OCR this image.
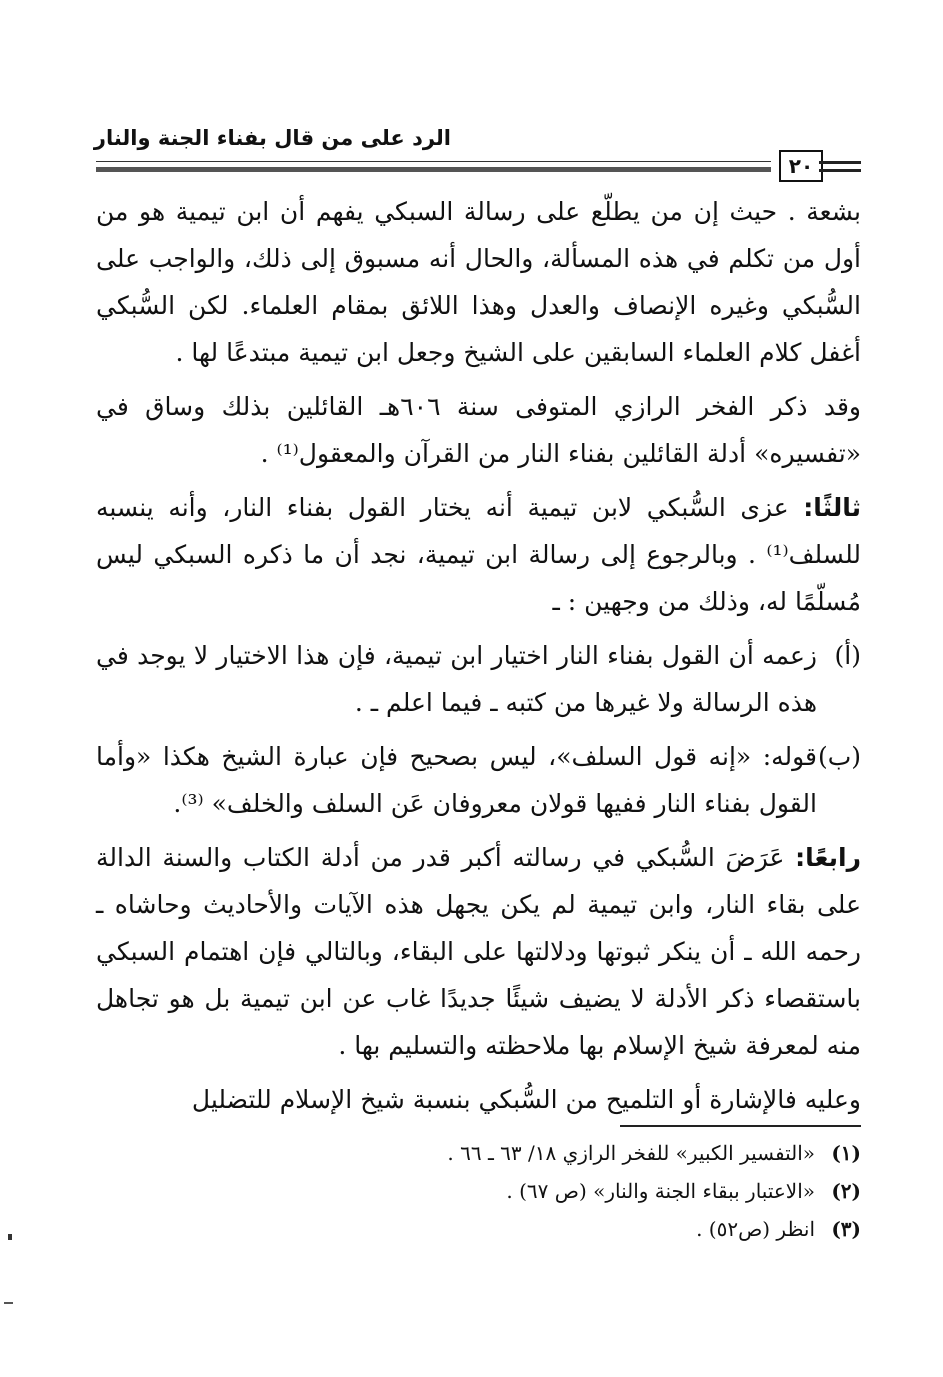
الرد على من قال بفناء الجنة والنار
٢٠

بشعة . حيث إن من يطلّع على رسالة السبكي يفهم أن ابن تيمية هو من أول من تكلم في هذه المسألة، والحال أنه مسبوق إلى ذلك، والواجب على السُّبكي وغيره الإنصاف والعدل وهذا اللائق بمقام العلماء. لكن السُّبكي أغفل كلام العلماء السابقين على الشيخ وجعل ابن تيمية مبتدعًا لها .

وقد ذكر الفخر الرازي المتوفى سنة ٦٠٦هـ القائلين بذلك وساق في «تفسيره» أدلة القائلين بفناء النار من القرآن والمعقول⁽¹⁾ .

ثالثًا: عزى السُّبكي لابن تيمية أنه يختار القول بفناء النار، وأنه ينسبه للسلف⁽¹⁾ . وبالرجوع إلى رسالة ابن تيمية، نجد أن ما ذكره السبكي ليس مُسلّمًا له، وذلك من وجهين : ـ

(أ)
زعمه أن القول بفناء النار اختيار ابن تيمية، فإن هذا الاختيار لا يوجد في هذه الرسالة ولا غيرها من كتبه ـ فيما اعلم ـ .
(ب)
قوله: «إنه قول السلف»، ليس بصحيح فإن عبارة الشيخ هكذا «وأما القول بفناء النار ففيها قولان معروفان عَن السلف والخلف» ⁽³⁾.

رابعًا: عَرَضَ السُّبكي في رسالته أكبر قدر من أدلة الكتاب والسنة الدالة على بقاء النار، وابن تيمية لم يكن يجهل هذه الآيات والأحاديث وحاشاه ـ رحمه الله ـ أن ينكر ثبوتها ودلالتها على البقاء، وبالتالي فإن اهتمام السبكي باستقصاء ذكر الأدلة لا يضيف شيئًا جديدًا غاب عن ابن تيمية بل هو تجاهل منه لمعرفة شيخ الإسلام بها ملاحظته والتسليم بها .

وعليه فالإشارة أو التلميح من السُّبكي بنسبة شيخ الإسلام للتضليل

(١)
«التفسير الكبير» للفخر الرازي ١٨/ ٦٣ ـ ٦٦ .
(٢)
«الاعتبار ببقاء الجنة والنار» (ص ٦٧) .
(٣)
انظر (ص٥٢) .
